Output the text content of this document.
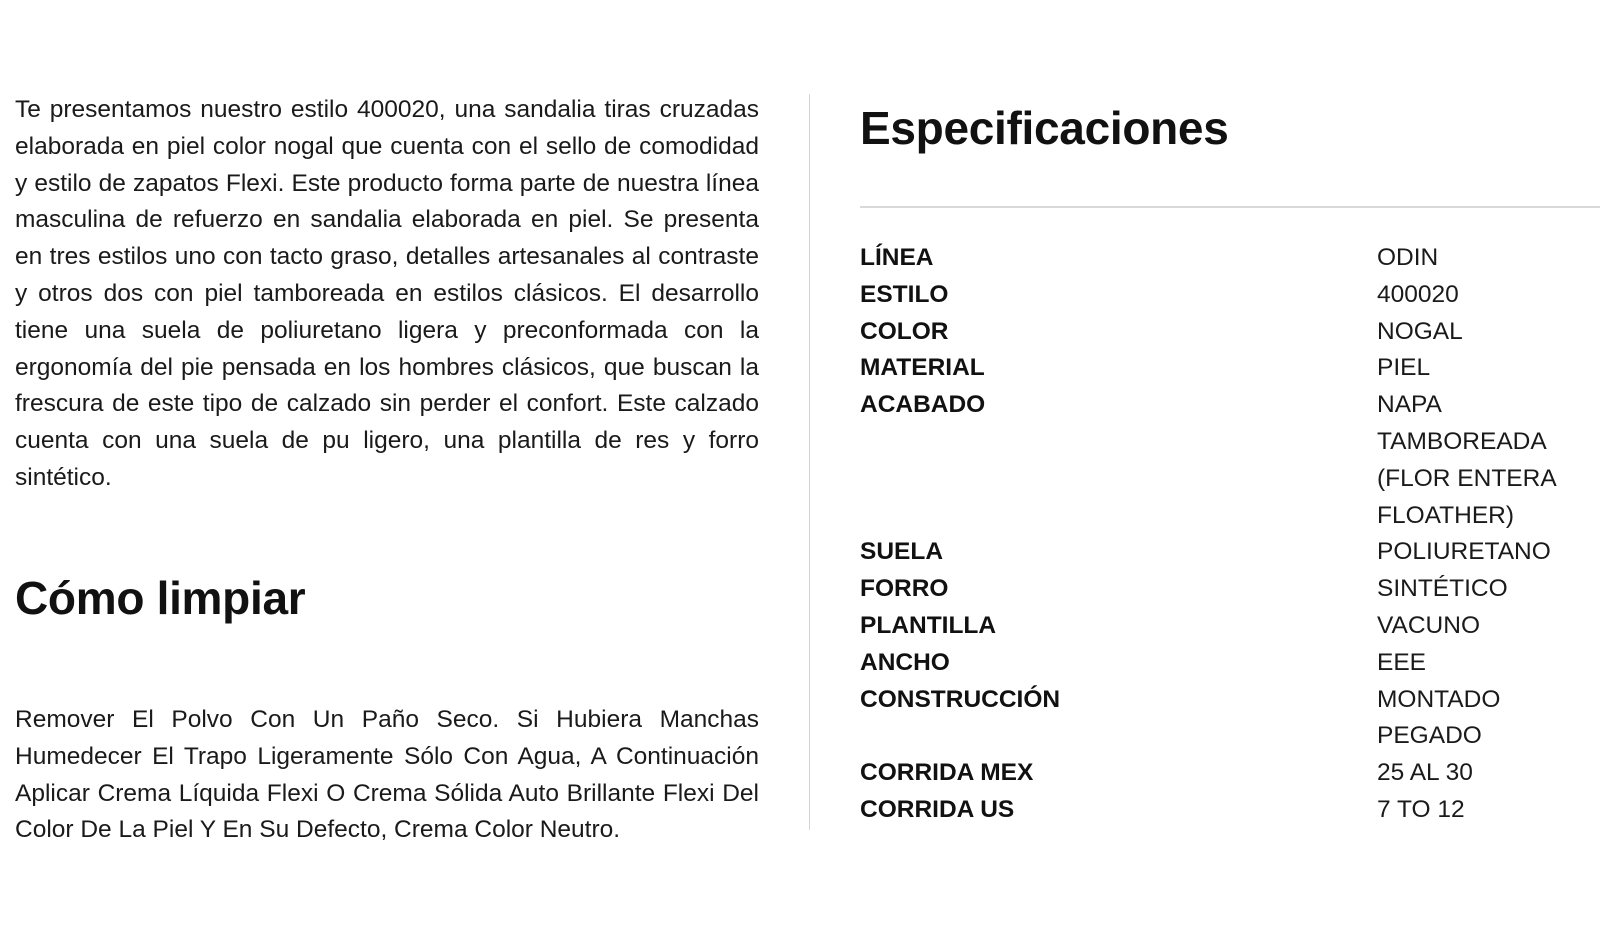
Te presentamos nuestro estilo 400020, una sandalia tiras cruzadas elaborada en piel color nogal que cuenta con el sello de comodidad y estilo de zapatos Flexi. Este producto forma parte de nuestra línea masculina de refuerzo en sandalia elaborada en piel. Se presenta en tres estilos uno con tacto graso, detalles artesanales al contraste y otros dos con piel tamboreada en estilos clásicos. El desarrollo tiene una suela de poliuretano ligera y preconformada con la ergonomía del pie pensada en los hombres clásicos, que buscan la frescura de este tipo de calzado sin perder el confort. Este calzado cuenta con una suela de pu ligero, una plantilla de res y forro sintético.

Cómo limpiar

Remover El Polvo Con Un Paño Seco. Si Hubiera Manchas Humedecer El Trapo Ligeramente Sólo Con Agua, A Continuación Aplicar Crema Líquida Flexi O Crema Sólida Auto Brillante Flexi Del Color De La Piel Y En Su Defecto, Crema Color Neutro.

Especificaciones
LÍNEA	ODIN
ESTILO	400020
COLOR	NOGAL
MATERIAL	PIEL
ACABADO	NAPA TAMBOREADA (FLOR ENTERA FLOATHER)
SUELA	POLIURETANO
FORRO	SINTÉTICO
PLANTILLA	VACUNO
ANCHO	EEE
CONSTRUCCIÓN	MONTADO PEGADO
CORRIDA MEX	25 AL 30
CORRIDA US	7 TO 12
